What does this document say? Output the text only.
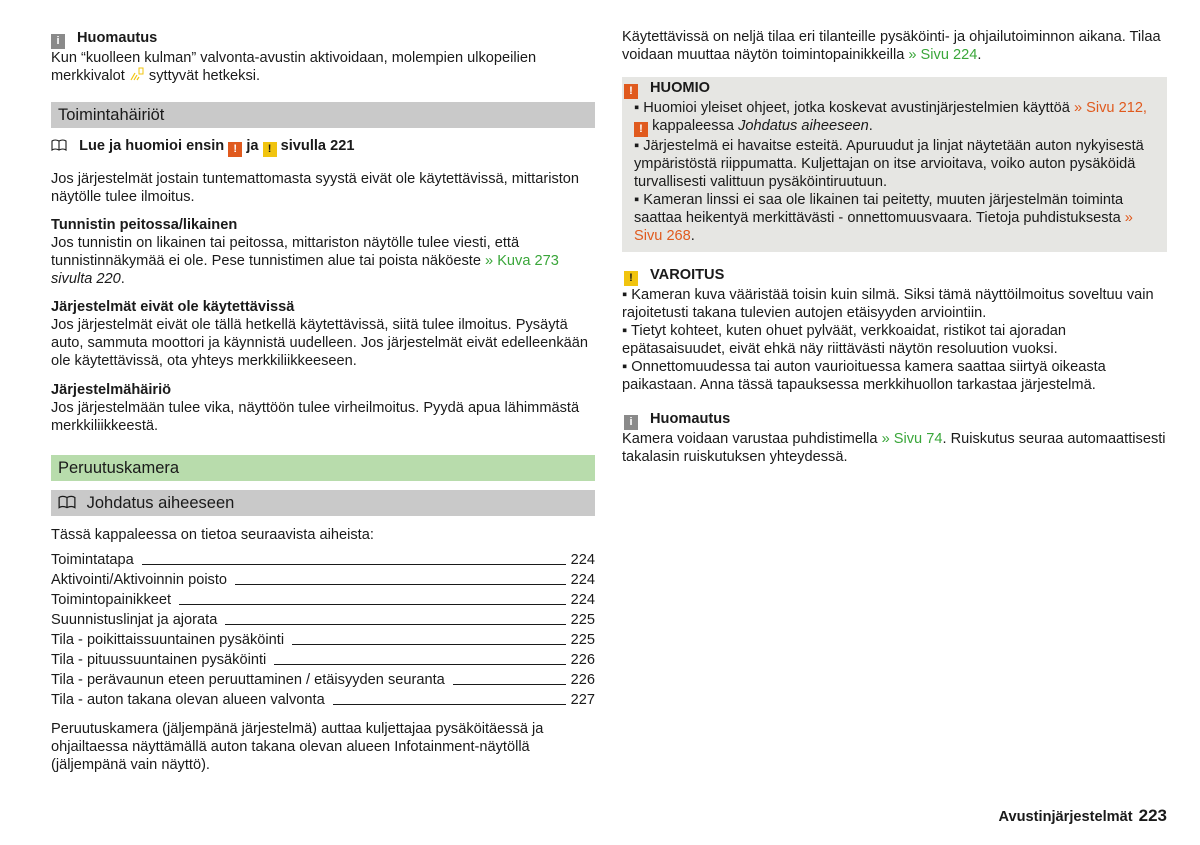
i Huomautus

Kun “kuolleen kulman” valvonta-avustin aktivoidaan, molempien ulkopeilien merkkivalot syttyvät hetkeksi.

Toimintahäiriöt

Lue ja huomioi ensin ! ja ! sivulla 221

Jos järjestelmät jostain tuntemattomasta syystä eivät ole käytettävissä, mittariston näytölle tulee ilmoitus.

Tunnistin peitossa/likainen

Jos tunnistin on likainen tai peitossa, mittariston näytölle tulee viesti, että tunnistinnäkymää ei ole. Pese tunnistimen alue tai poista näköeste » Kuva 273 sivulta 220.

Järjestelmät eivät ole käytettävissä

Jos järjestelmät eivät ole tällä hetkellä käytettävissä, siitä tulee ilmoitus. Pysäytä auto, sammuta moottori ja käynnistä uudelleen. Jos järjestelmät eivät edelleenkään ole käytettävissä, ota yhteys merkkiliikkeeseen.

Järjestelmähäiriö

Jos järjestelmään tulee vika, näyttöön tulee virheilmoitus. Pyydä apua lähimmästä merkkiliikkeestä.

Peruutuskamera
Johdatus aiheeseen

Tässä kappaleessa on tietoa seuraavista aiheista:

Toimintatapa	224
Aktivointi/Aktivoinnin poisto	224
Toimintopainikkeet	224
Suunnistuslinjat ja ajorata	225
Tila - poikittaissuuntainen pysäköinti	225
Tila - pituussuuntainen pysäköinti	226
Tila - perävaunun eteen peruuttaminen / etäisyyden seuranta	226
Tila - auton takana olevan alueen valvonta	227

Peruutuskamera (jäljempänä järjestelmä) auttaa kuljettajaa pysäköitäessä ja ohjailtaessa näyttämällä auton takana olevan alueen Infotainment-näytöllä (jäljempänä vain näyttö).

Käytettävissä on neljä tilaa eri tilanteille pysäköinti- ja ohjailutoiminnon aikana. Tilaa voidaan muuttaa näytön toimintopainikkeilla » Sivu 224.

! HUOMIO

▪ Huomioi yleiset ohjeet, jotka koskevat avustinjärjestelmien käyttöä » Sivu 212, ! kappaleessa Johdatus aiheeseen.

▪ Järjestelmä ei havaitse esteitä. Apuruudut ja linjat näytetään auton nykyisestä ympäristöstä riippumatta. Kuljettajan on itse arvioitava, voiko auton pysäköidä turvallisesti valittuun pysäköintiruutuun.

▪ Kameran linssi ei saa ole likainen tai peitetty, muuten järjestelmän toiminta saattaa heikentyä merkittävästi - onnettomuusvaara. Tietoja puhdistuksesta » Sivu 268.

! VAROITUS

▪ Kameran kuva vääristää toisin kuin silmä. Siksi tämä näyttöilmoitus soveltuu vain rajoitetusti takana tulevien autojen etäisyyden arviointiin.

▪ Tietyt kohteet, kuten ohuet pylväät, verkkoaidat, ristikot tai ajoradan epätasaisuudet, eivät ehkä näy riittävästi näytön resoluution vuoksi.

▪ Onnettomuudessa tai auton vaurioituessa kamera saattaa siirtyä oikeasta paikastaan. Anna tässä tapauksessa merkkihuollon tarkastaa järjestelmä.

i Huomautus

Kamera voidaan varustaa puhdistimella » Sivu 74. Ruiskutus seuraa automaattisesti takalasin ruiskutuksen yhteydessä.

Avustinjärjestelmät 223
